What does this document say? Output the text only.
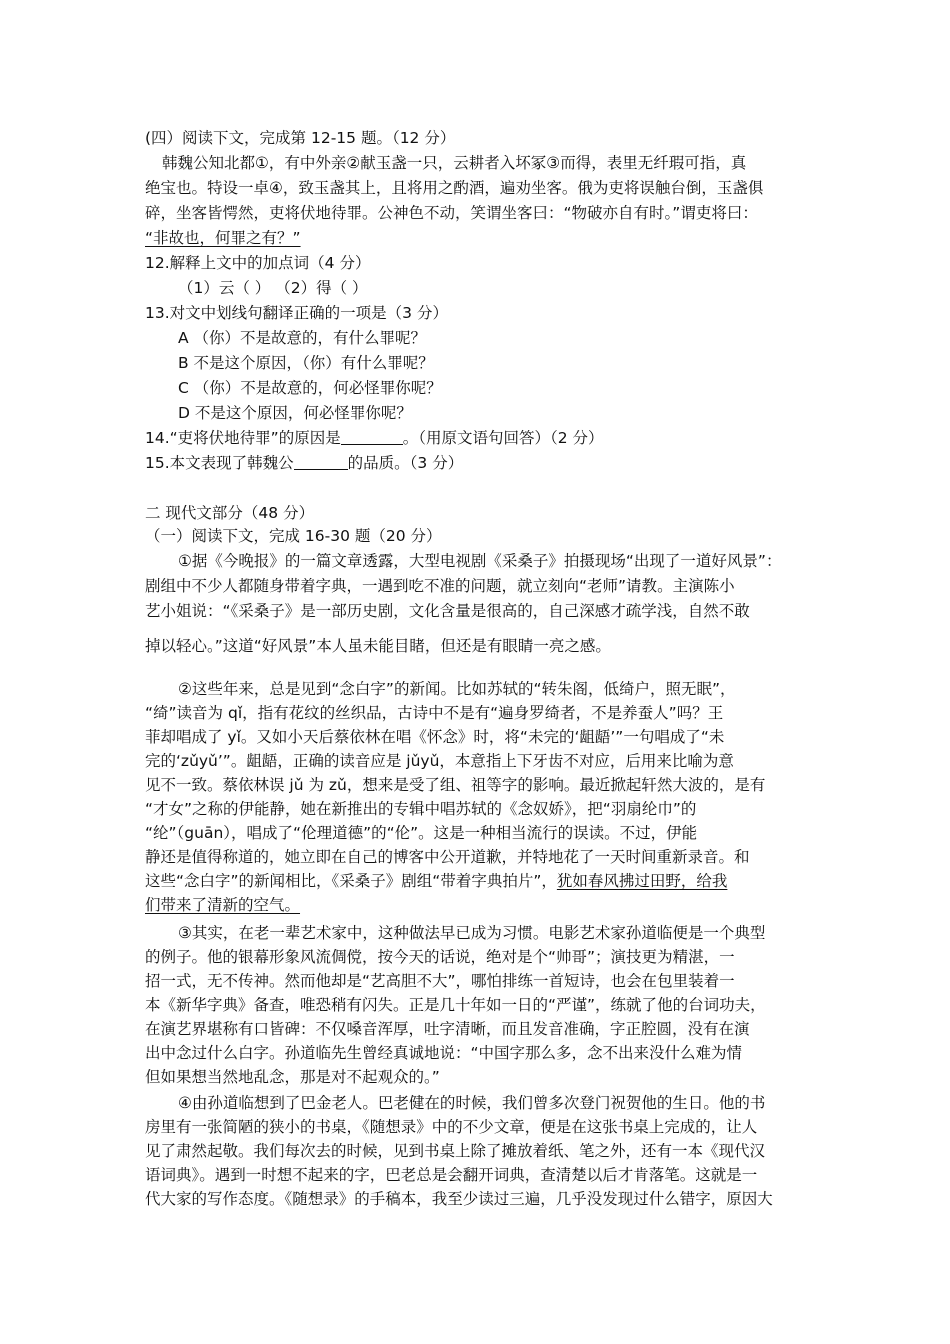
(四）阅读下文，完成第 12-15 题。（12 分）
韩魏公知北都①，有中外亲②献玉盏一只，云耕者入坏冢③而得，表里无纤瑕可指，真
绝宝也。特设一卓④，致玉盏其上，且将用之酌酒，遍劝坐客。俄为吏将误触台倒，玉盏俱
碎，坐客皆愕然，吏将伏地待罪。公神色不动，笑谓坐客曰：“物破亦自有时。”谓吏将曰：
“非故也，何罪之有？”
12.解释上文中的加点词（4 分）
（1）云（ ） （2）得（ ）
13.对文中划线句翻译正确的一项是（3 分）
A （你）不是故意的，有什么罪呢？
B 不是这个原因，（你）有什么罪呢？
C （你）不是故意的，何必怪罪你呢？
D 不是这个原因，何必怪罪你呢？
14.“吏将伏地待罪”的原因是	。（用原文语句回答）（2 分）
15.本文表现了韩魏公	的品质。（3 分）
二 现代文部分（48 分）
（一）阅读下文，完成 16-30 题（20 分）
①据《今晚报》的一篇文章透露，大型电视剧《采桑子》拍摄现场“出现了一道好风景”：
剧组中不少人都随身带着字典，一遇到吃不准的问题，就立刻向“老师”请教。主演陈小
艺小姐说：“《采桑子》是一部历史剧，文化含量是很高的，自己深感才疏学浅，自然不敢
掉以轻心。”这道“好风景”本人虽未能目睹，但还是有眼睛一亮之感。
②这些年来，总是见到“念白字”的新闻。比如苏轼的“转朱阁，低绮户，照无眠”，
“绮”读音为 qǐ，指有花纹的丝织品，古诗中不是有“遍身罗绮者，不是养蚕人”吗？王
菲却唱成了 yǐ。又如小天后蔡依林在唱《怀念》时，将“未完的‘龃龉’”一句唱成了“未
完的‘zǔyǔ’”。龃龉，正确的读音应是 jǔyǔ，本意指上下牙齿不对应，后用来比喻为意
见不一致。蔡依林误 jǔ 为 zǔ，想来是受了组、祖等字的影响。最近掀起轩然大波的，是有
“才女”之称的伊能静，她在新推出的专辑中唱苏轼的《念奴娇》，把“羽扇纶巾”的
“纶”（guān），唱成了“伦理道德”的“伦”。这是一种相当流行的误读。不过，伊能
静还是值得称道的，她立即在自己的博客中公开道歉，并特地花了一天时间重新录音。和
这些“念白字”的新闻相比，《采桑子》剧组“带着字典拍片”，犹如春风拂过田野，给我
们带来了清新的空气。
③其实，在老一辈艺术家中，这种做法早已成为习惯。电影艺术家孙道临便是一个典型
的例子。他的银幕形象风流倜傥，按今天的话说，绝对是个“帅哥”；演技更为精湛，一
招一式，无不传神。然而他却是“艺高胆不大”，哪怕排练一首短诗，也会在包里装着一
本《新华字典》备查，唯恐稍有闪失。正是几十年如一日的“严谨”，练就了他的台词功夫，
在演艺界堪称有口皆碑：不仅嗓音浑厚，吐字清晰，而且发音准确，字正腔圆，没有在演
出中念过什么白字。孙道临先生曾经真诚地说：“中国字那么多，念不出来没什么难为情
但如果想当然地乱念，那是对不起观众的。”
④由孙道临想到了巴金老人。巴老健在的时候，我们曾多次登门祝贺他的生日。他的书
房里有一张简陋的狭小的书桌，《随想录》中的不少文章，便是在这张书桌上完成的，让人
见了肃然起敬。我们每次去的时候，见到书桌上除了摊放着纸、笔之外，还有一本《现代汉
语词典》。遇到一时想不起来的字，巴老总是会翻开词典，查清楚以后才肯落笔。这就是一
代大家的写作态度。《随想录》的手稿本，我至少读过三遍，几乎没发现过什么错字，原因大
